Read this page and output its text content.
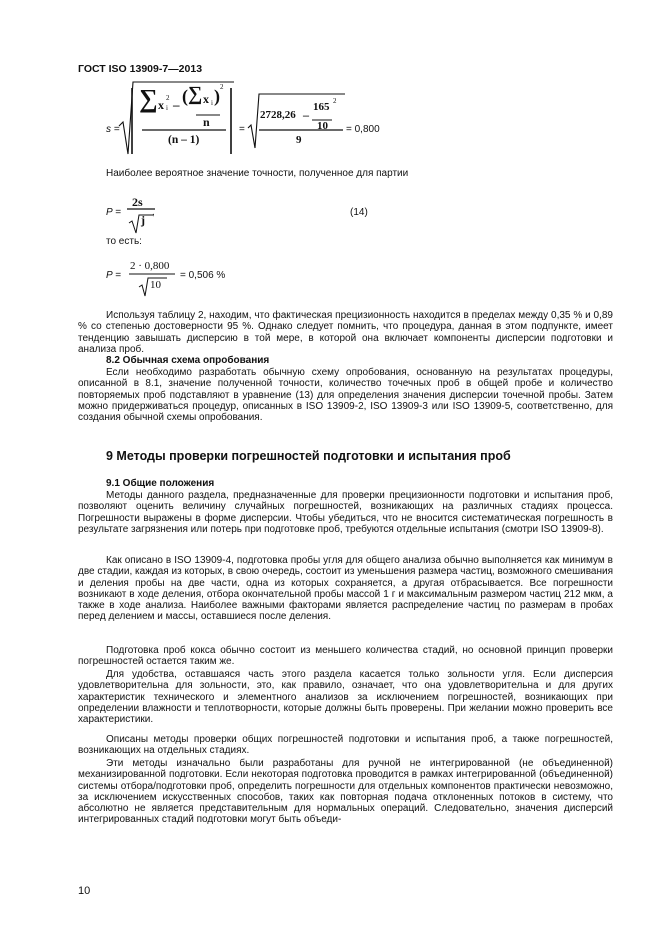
ГОСТ ISO 13909-7—2013
s =
∑ x i
2 – ( ∑ x i ) 2
n
(n – 1)
=
2728,26 –
165 2
10
9
= 0,800
Наиболее вероятное значение точности, полученное для партии
P =
2s
j
,	(14)
то есть:
P =
2 · 0,800
10
= 0,506 %

Используя таблицу 2, находим, что фактическая прецизионность находится в пределах между 0,35 % и 0,89 % со степенью достоверности 95 %. Однако следует помнить, что процедура, данная в этом подпункте, имеет тенденцию завышать дисперсию в той мере, в которой она включает компоненты дисперсии подготовки и анализа проб.

8.2 Обычная схема опробования

Если необходимо разработать обычную схему опробования, основанную на результатах процедуры, описанной в 8.1, значение полученной точности, количество точечных проб в общей пробе и количество повторяемых проб подставляют в уравнение (13) для определения значения дисперсии точечной пробы. Затем можно придерживаться процедур, описанных в ISO 13909-2, ISO 13909-3 или ISO 13909-5, соответственно, для создания обычной схемы опробования.

9 Методы проверки погрешностей подготовки и испытания проб
9.1 Общие положения

Методы данного раздела, предназначенные для проверки прецизионности подготовки и испытания проб, позволяют оценить величину случайных погрешностей, возникающих на различных стадиях процесса. Погрешности выражены в форме дисперсии. Чтобы убедиться, что не вносится систематическая погрешность в результате загрязнения или потерь при подготовке проб, требуются отдельные испытания (смотри ISO 13909-8).

Как описано в ISO 13909-4, подготовка пробы угля для общего анализа обычно выполняется как минимум в две стадии, каждая из которых, в свою очередь, состоит из уменьшения размера частиц, возможного смешивания и деления пробы на две части, одна из которых сохраняется, а другая отбрасывается. Все погрешности возникают в ходе деления, отбора окончательной пробы массой 1 г и максимальным размером частиц 212 мкм, а также в ходе анализа. Наиболее важными факторами является распределение частиц по размерам в пробах перед делением и массы, оставшиеся после деления.

Подготовка проб кокса обычно состоит из меньшего количества стадий, но основной принцип проверки погрешностей остается таким же.

Для удобства, оставшаяся часть этого раздела касается только зольности угля. Если дисперсия удовлетворительна для зольности, это, как правило, означает, что она удовлетворительна и для других характеристик технического и элементного анализов за исключением погрешностей, возникающих при определении влажности и теплотворности, которые должны быть проверены. При желании можно проверить все характеристики.

Описаны методы проверки общих погрешностей подготовки и испытания проб, а также погрешностей, возникающих на отдельных стадиях.

Эти методы изначально были разработаны для ручной не интегрированной (не объединенной) механизированной подготовки. Если некоторая подготовка проводится в рамках интегрированной (объединенной) системы отбора/подготовки проб, определить погрешности для отдельных компонентов практически невозможно, за исключением искусственных способов, таких как повторная подача отклоненных потоков в систему, что абсолютно не является представительным для нормальных операций. Следовательно, значения дисперсий интегрированных стадий подготовки могут быть объеди-

10
